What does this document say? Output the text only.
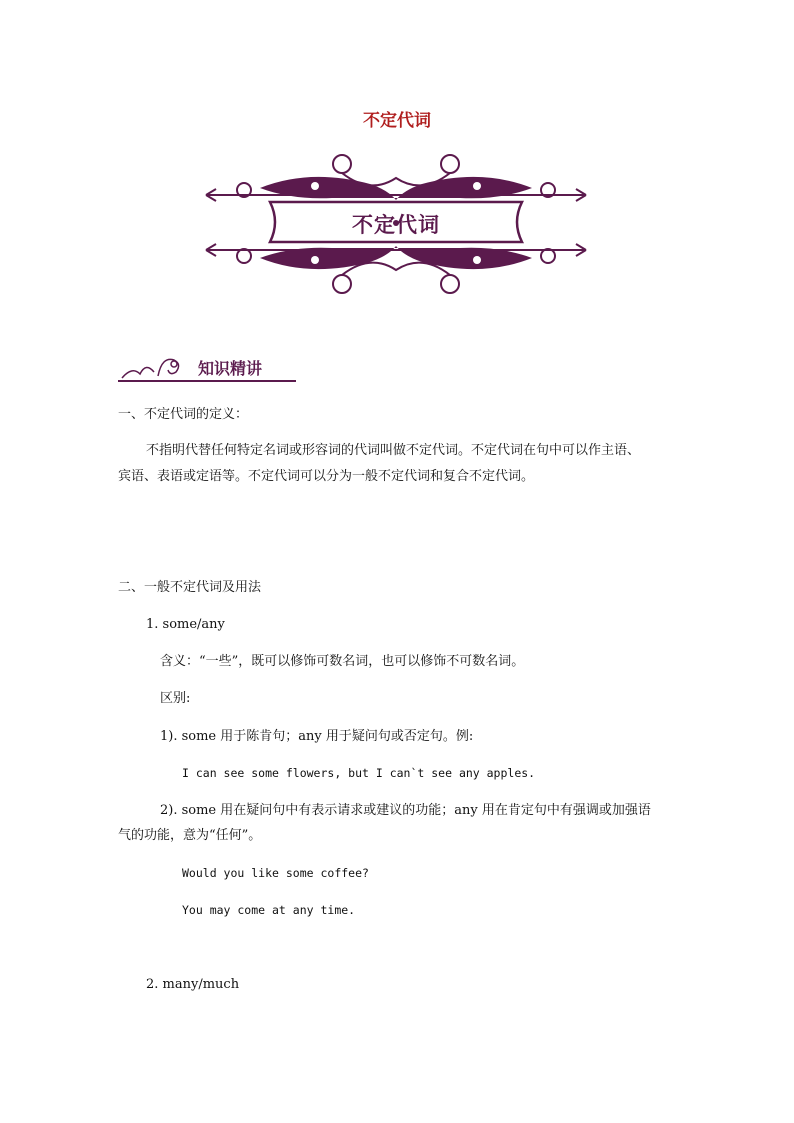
不定代词
不定代词
知识精讲
一、不定代词的定义：
不指明代替任何特定名词或形容词的代词叫做不定代词。不定代词在句中可以作主语、
宾语、表语或定语等。不定代词可以分为一般不定代词和复合不定代词。
二、一般不定代词及用法
1. some/any
含义：“一些”，既可以修饰可数名词，也可以修饰不可数名词。
区别:
1). some 用于陈肯句；any 用于疑问句或否定句。例:
I can see some flowers, but I can`t see any apples.
2). some 用在疑问句中有表示请求或建议的功能；any 用在肯定句中有强调或加强语
气的功能，意为“任何”。
Would you like some coffee?
You may come at any time.
2. many/much
